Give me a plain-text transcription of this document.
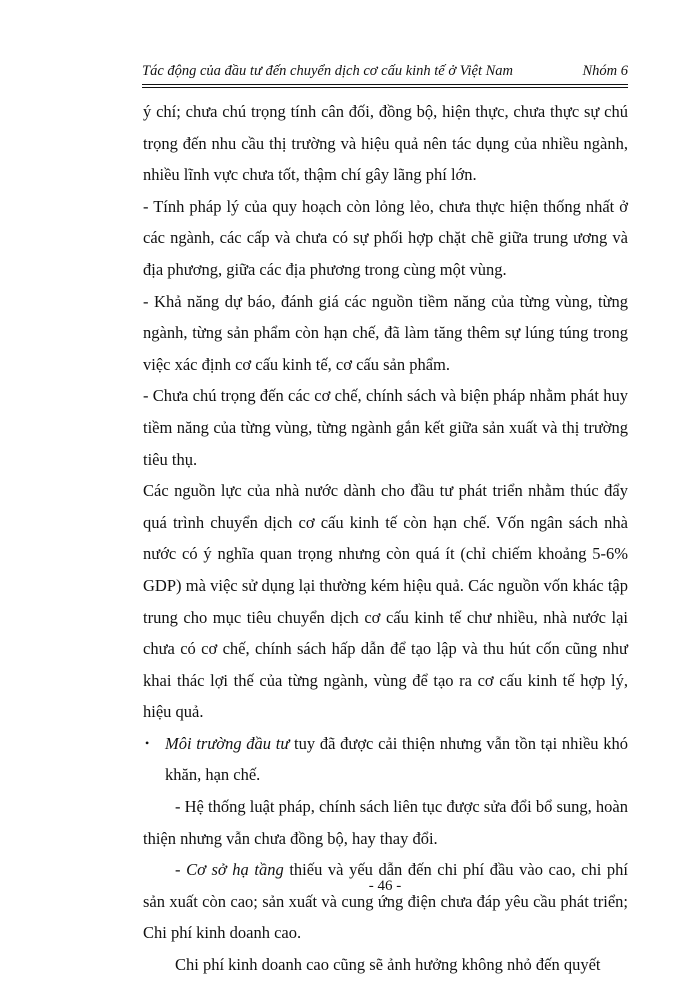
Tác động của đầu tư đến chuyển dịch cơ cấu kinh tế ở Việt Nam	Nhóm 6

ý chí; chưa chú trọng tính cân đối, đồng bộ, hiện thực, chưa thực sự chú trọng đến nhu cầu thị trường và hiệu quả nên tác dụng của nhiều ngành, nhiều lĩnh vực chưa tốt, thậm chí gây lãng phí lớn.

- Tính pháp lý của quy hoạch còn lỏng lẻo, chưa thực hiện thống nhất ở các ngành, các cấp và chưa có sự phối hợp chặt chẽ giữa trung ương và địa phương, giữa các địa phương trong cùng một vùng.

- Khả năng dự báo, đánh giá các nguồn tiềm năng của từng vùng, từng ngành, từng sản phẩm còn hạn chế, đã làm tăng thêm sự lúng túng trong việc xác định cơ cấu kinh tế, cơ cấu sản phẩm.

- Chưa chú trọng đến các cơ chế, chính sách và biện pháp nhằm phát huy tiềm năng của từng vùng, từng ngành gắn kết giữa sản xuất và thị trường tiêu thụ.

Các nguồn lực của nhà nước dành cho đầu tư phát triển nhằm thúc đẩy quá trình chuyển dịch cơ cấu kinh tế còn hạn chế. Vốn ngân sách nhà nước có ý nghĩa quan trọng nhưng còn quá ít (chỉ chiếm khoảng 5-6% GDP) mà việc sử dụng lại thường kém hiệu quả. Các nguồn vốn khác tập trung cho mục tiêu chuyển dịch cơ cấu kinh tế chư nhiều, nhà nước lại chưa có cơ chế, chính sách hấp dẫn để tạo lập và thu hút cốn cũng như khai thác lợi thế của từng ngành, vùng để tạo ra cơ cấu kinh tế hợp lý, hiệu quả.

• Môi trường đầu tư tuy đã được cải thiện nhưng vẫn tồn tại nhiều khó khăn, hạn chế.

- Hệ thống luật pháp, chính sách liên tục được sửa đổi bổ sung, hoàn thiện nhưng vẫn chưa đồng bộ, hay thay đổi.

- Cơ sở hạ tầng thiếu và yếu dẫn đến chi phí đầu vào cao, chi phí sản xuất còn cao; sản xuất và cung ứng điện chưa đáp yêu cầu phát triển; Chi phí kinh doanh cao.

Chi phí kinh doanh cao cũng sẽ ảnh hưởng không nhỏ đến quyết

- 46 -
